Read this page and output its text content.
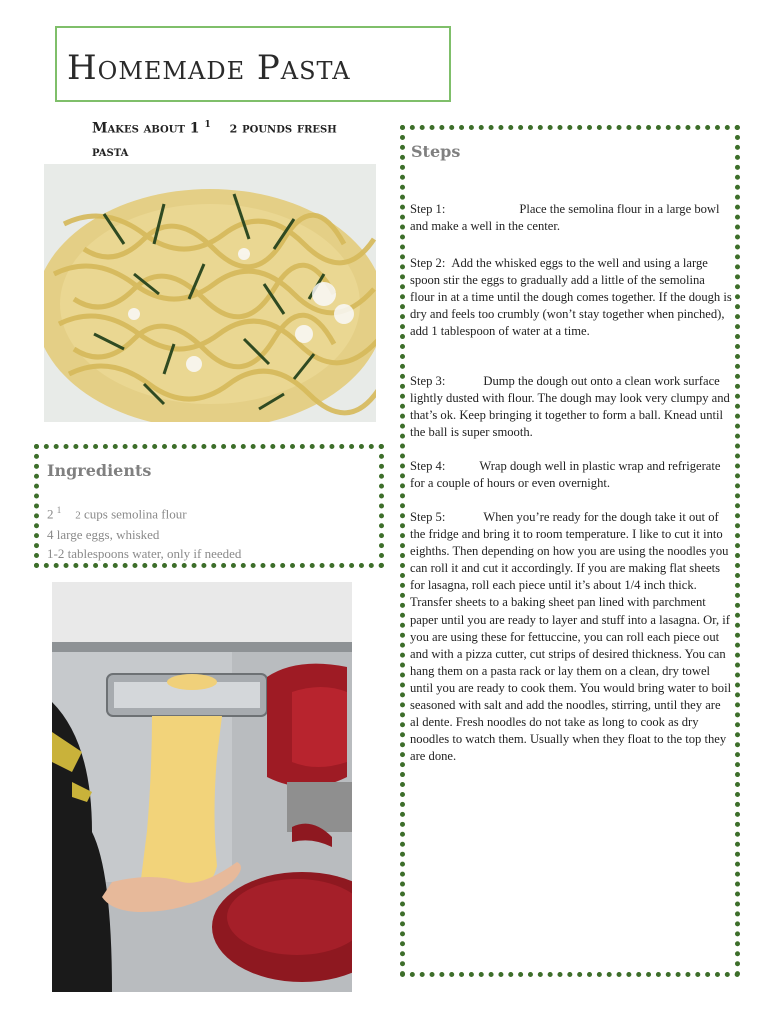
Homemade Pasta
Makes about 1 $^1$ 2 pounds fresh pasta
Ingredients
2 $^1$ 2 cups semolina flour
4 large eggs, whisked
1-2 tablespoons water, only if needed
Steps
Step 1:	Place the semolina flour in a large bowl and make a well in the center.
Step 2: Add the whisked eggs to the well and using a large spoon stir the eggs to gradually add a little of the semolina flour in at a time until the dough comes together. If the dough is dry and feels too crumbly (won’t stay together when pinched), add 1 tablespoon of water at a time.
Step 3:	Dump the dough out onto a clean work surface lightly dusted with flour. The dough may look very clumpy and that’s ok. Keep bringing it together to form a ball. Knead until the ball is super smooth.
Step 4:	Wrap dough well in plastic wrap and refrigerate for a couple of hours or even overnight.
Step 5:	When you’re ready for the dough take it out of the fridge and bring it to room temperature. I like to cut it into eighths. Then depending on how you are using the noodles you can roll it and cut it accordingly. If you are making flat sheets for lasagna, roll each piece until it’s about 1/4 inch thick. Transfer sheets to a baking sheet pan lined with parchment paper until you are ready to layer and stuff into a lasagna. Or, if you are using these for fettuccine, you can roll each piece out and with a pizza cutter, cut strips of desired thickness. You can hang them on a pasta rack or lay them on a clean, dry towel until you are ready to cook them. You would bring water to boil seasoned with salt and add the noodles, stirring, until they are al dente. Fresh noodles do not take as long to cook as dry noodles to watch them. Usually when they float to the top they are done.
